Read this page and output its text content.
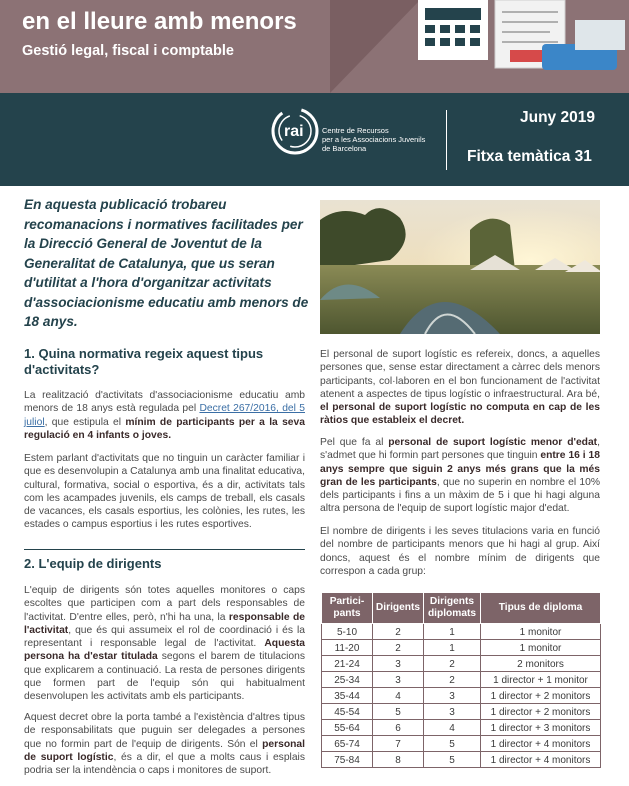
en el lleure amb menors
Gestió legal, fiscal i comptable
rai Centre de Recursos
per a les Associacions Juvenils
de Barcelona
Juny 2019
Fitxa temàtica 31
En aquesta publicació trobareu recomanacions i normatives facilitades per la Direcció General de Joventut de la Generalitat de Catalunya, que us seran d'utilitat a l'hora d'organitzar activitats d'associacionisme educatiu amb menors de 18 anys.
1. Quina normativa regeix aquest tipus d'activitats?
La realització d'activitats d'associacionisme educatiu amb menors de 18 anys està regulada pel Decret 267/2016, del 5 juliol, que estipula el mínim de participants per a la seva regulació en 4 infants o joves.
Estem parlant d'activitats que no tinguin un caràcter familiar i que es desenvolupin a Catalunya amb una finalitat educativa, cultural, formativa, social o esportiva, és a dir, activitats tals com les acampades juvenils, els camps de treball, els casals de vacances, els casals esportius, les colònies, les rutes, les estades o campus esportius i les rutes esportives.
2. L'equip de dirigents
L'equip de dirigents són totes aquelles monitores o caps escoltes que participen com a part dels responsables de l'activitat. D'entre elles, però, n'hi ha una, la responsable de l'activitat, que és qui assumeix el rol de coordinació i és la representant i responsable legal de l'activitat. Aquesta persona ha d'estar titulada segons el barem de titulacions que explicarem a continuació. La resta de persones dirigents que formen part de l'equip són qui habitualment desenvolupen les activitats amb els participants.
Aquest decret obre la porta també a l'existència d'altres tipus de responsabilitats que puguin ser delegades a persones que no formin part de l'equip de dirigents. Són el personal de suport logístic, és a dir, el que a molts caus i esplais podria ser la intendència o caps i monitores de suport.
El personal de suport logístic es refereix, doncs, a aquelles persones que, sense estar directament a càrrec dels menors participants, col·laboren en el bon funcionament de l'activitat atenent a aspectes de tipus logístic o infraestructural. Ara bé, el personal de suport logístic no computa en cap de les ràtios que estableix el decret.
Pel que fa al personal de suport logístic menor d'edat, s'admet que hi formin part persones que tinguin entre 16 i 18 anys sempre que siguin 2 anys més grans que la més gran de les participants, que no superin en nombre el 10% dels participants i fins a un màxim de 5 i que hi hagi alguna altra persona de l'equip de suport logístic major d'edat.
El nombre de dirigents i les seves titulacions varia en funció del nombre de participants menors que hi hagi al grup. Així doncs, aquest és el nombre mínim de dirigents que correspon a cada grup:
Partici-pants	Dirigents	Dirigents diplomats	Tipus de diploma
5-10	2	1	1 monitor
11-20	2	1	1 monitor
21-24	3	2	2 monitors
25-34	3	2	1 director + 1 monitor
35-44	4	3	1 director + 2 monitors
45-54	5	3	1 director + 2 monitors
55-64	6	4	1 director + 3 monitors
65-74	7	5	1 director + 4 monitors
75-84	8	5	1 director + 4 monitors
